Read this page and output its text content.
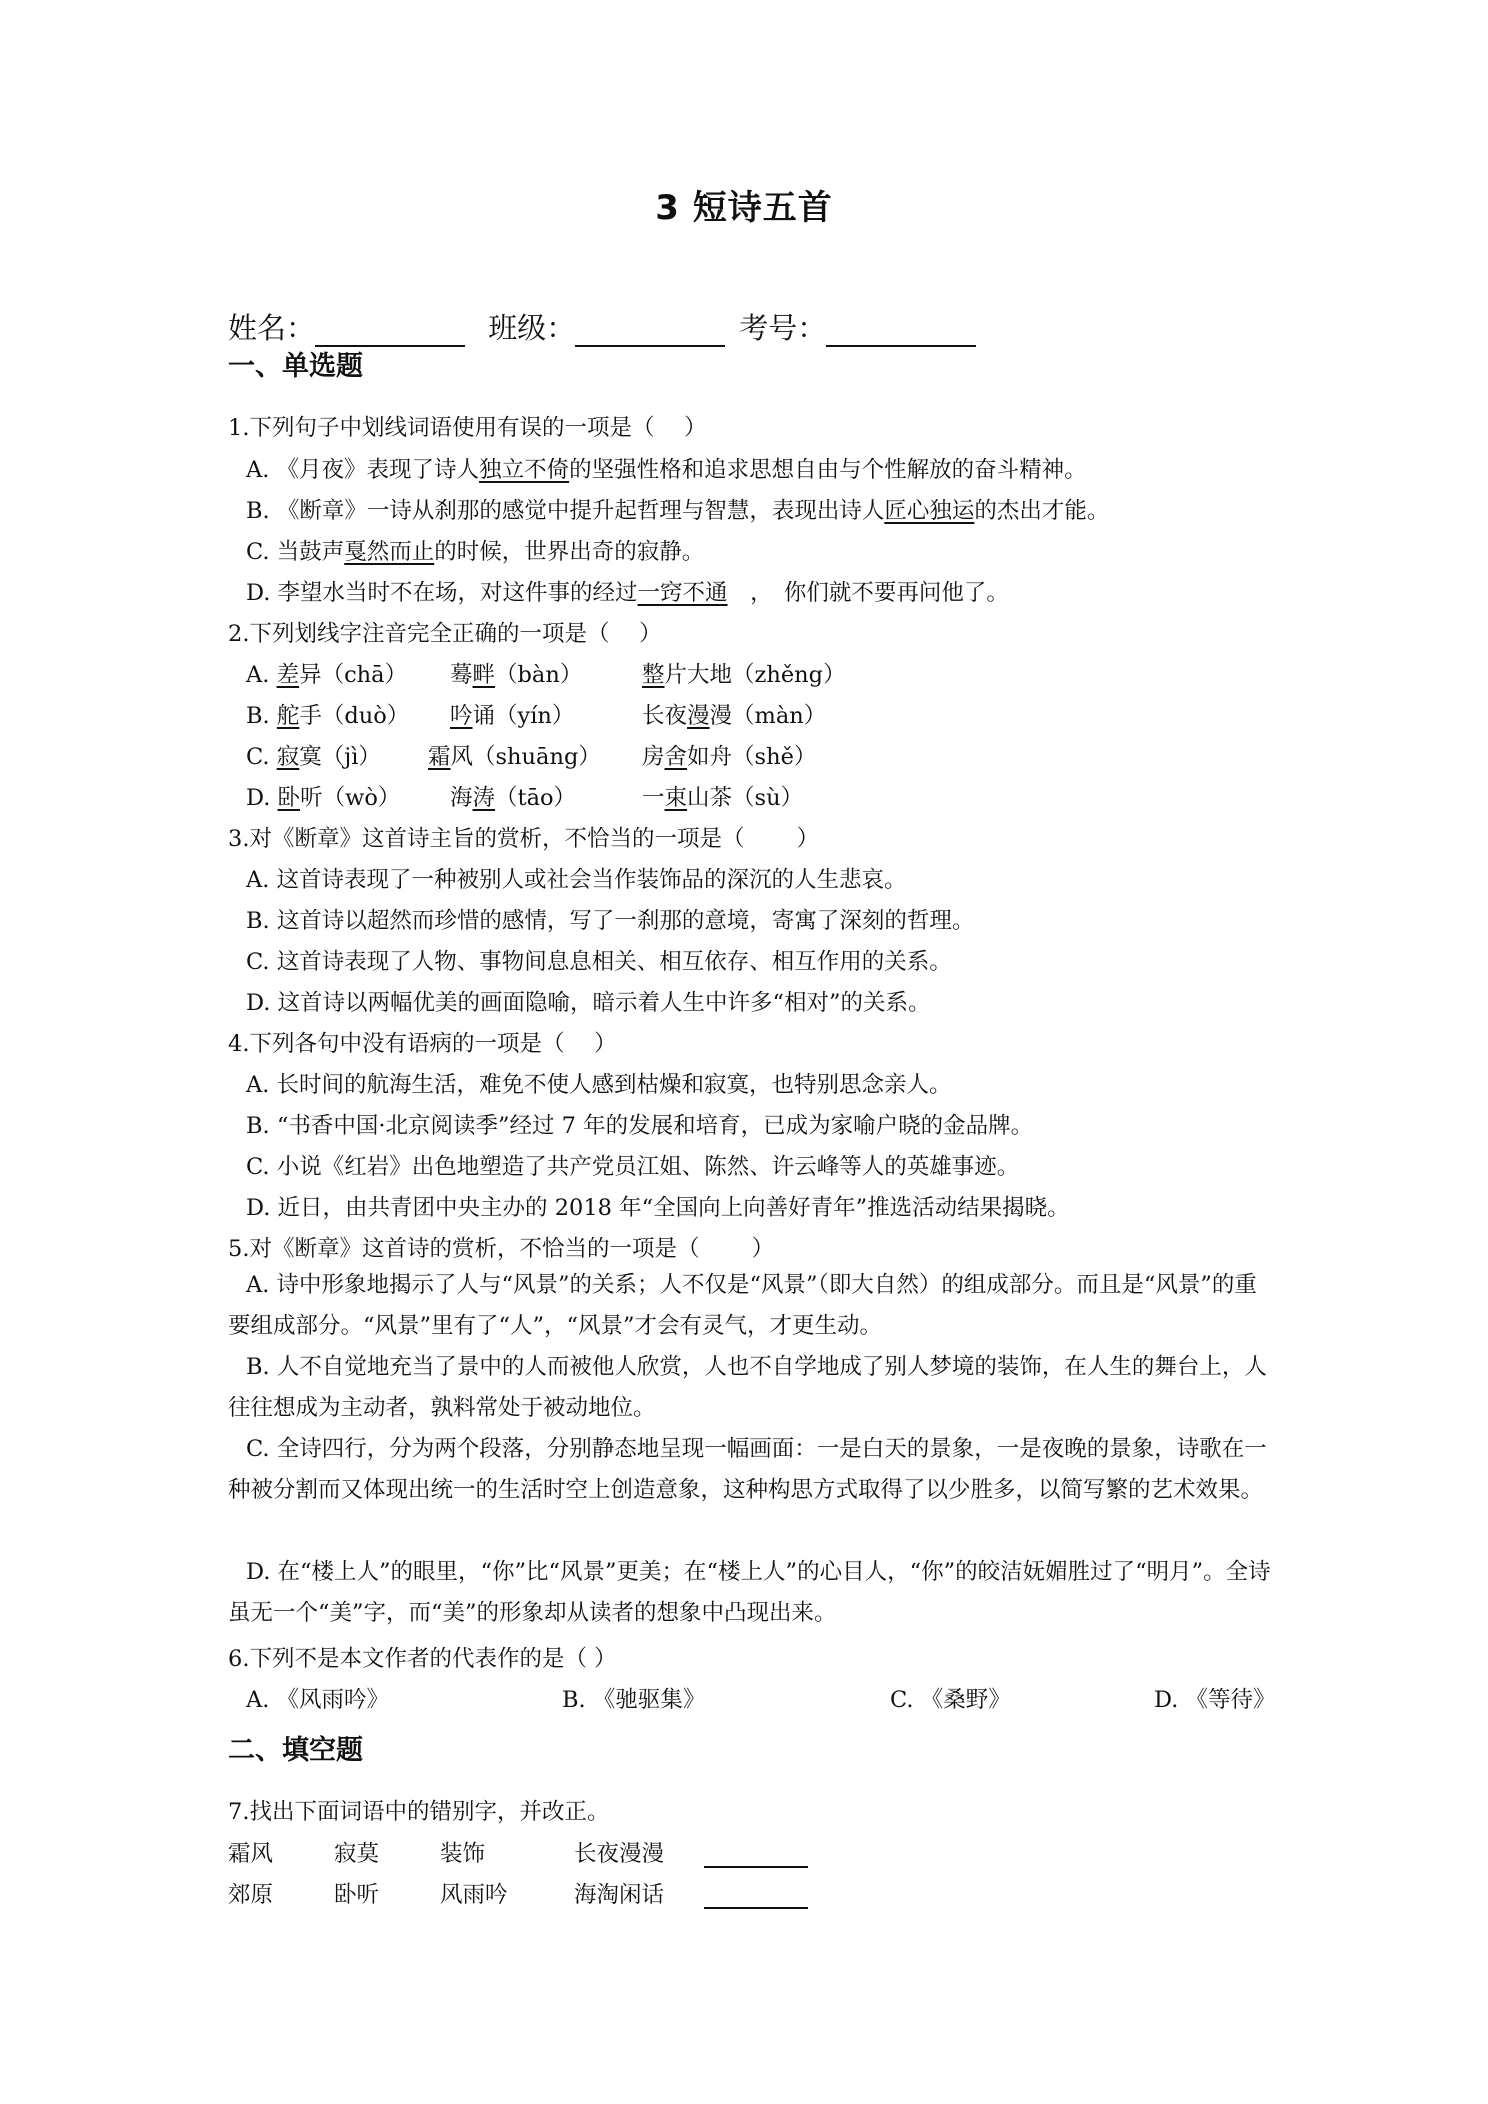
3 短诗五首
姓名：	班级：	考号：
一、单选题
1.下列句子中划线词语使用有误的一项是（　 ）
A. 《月夜》表现了诗人独立不倚的坚强性格和追求思想自由与个性解放的奋斗精神。
B. 《断章》一诗从刹那的感觉中提升起哲理与智慧，表现出诗人匠心独运的杰出才能。
C. 当鼓声戛然而止的时候，世界出奇的寂静。
D. 李望水当时不在场，对这件事的经过一窍不通　，　你们就不要再问他了。
2.下列划线字注音完全正确的一项是（　 ）
A. 差异（chā） 蓦畔（bàn）	整片大地（zhěng）
B. 舵手（duò） 吟诵（yín）	长夜漫漫（màn）
C. 寂寞（jì） 霜风（shuāng） 房舍如舟（shě）
D. 卧听（wò） 海涛（tāo）	一束山茶（sù）
3.对《断章》这首诗主旨的赏析，不恰当的一项是（　　 ）
A. 这首诗表现了一种被别人或社会当作装饰品的深沉的人生悲哀。
B. 这首诗以超然而珍惜的感情，写了一刹那的意境，寄寓了深刻的哲理。
C. 这首诗表现了人物、事物间息息相关、相互依存、相互作用的关系。
D. 这首诗以两幅优美的画面隐喻，暗示着人生中许多“相对”的关系。
4.下列各句中没有语病的一项是（　 ）
A. 长时间的航海生活，难免不使人感到枯燥和寂寞，也特别思念亲人。
B. “书香中国·北京阅读季”经过 7 年的发展和培育，已成为家喻户晓的金品牌。
C. 小说《红岩》出色地塑造了共产党员江姐、陈然、许云峰等人的英雄事迹。
D. 近日，由共青团中央主办的 2018 年“全国向上向善好青年”推选活动结果揭晓。
5.对《断章》这首诗的赏析，不恰当的一项是（　　 ）
A. 诗中形象地揭示了人与“风景”的关系；人不仅是“风景”（即大自然）的组成部分。而且是“风景”的重要组成部分。“风景”里有了“人”，“风景”才会有灵气，才更生动。
B. 人不自觉地充当了景中的人而被他人欣赏，人也不自学地成了别人梦境的装饰，在人生的舞台上，人往往想成为主动者，孰料常处于被动地位。
C. 全诗四行，分为两个段落，分别静态地呈现一幅画面：一是白天的景象，一是夜晚的景象，诗歌在一种被分割而又体现出统一的生活时空上创造意象，这种构思方式取得了以少胜多，以简写繁的艺术效果。
D. 在“楼上人”的眼里，“你”比“风景”更美；在“楼上人”的心目人，“你”的皎洁妩媚胜过了“明月”。全诗虽无一个“美”字，而“美”的形象却从读者的想象中凸现出来。
6.下列不是本文作者的代表作的是（ ）
A. 《风雨吟》	B. 《驰驱集》	C. 《桑野》	D. 《等待》
二、填空题
7.找出下面词语中的错别字，并改正。
霜风	寂莫	装饰	长夜漫漫
郊原	卧听	风雨吟	海淘闲话
